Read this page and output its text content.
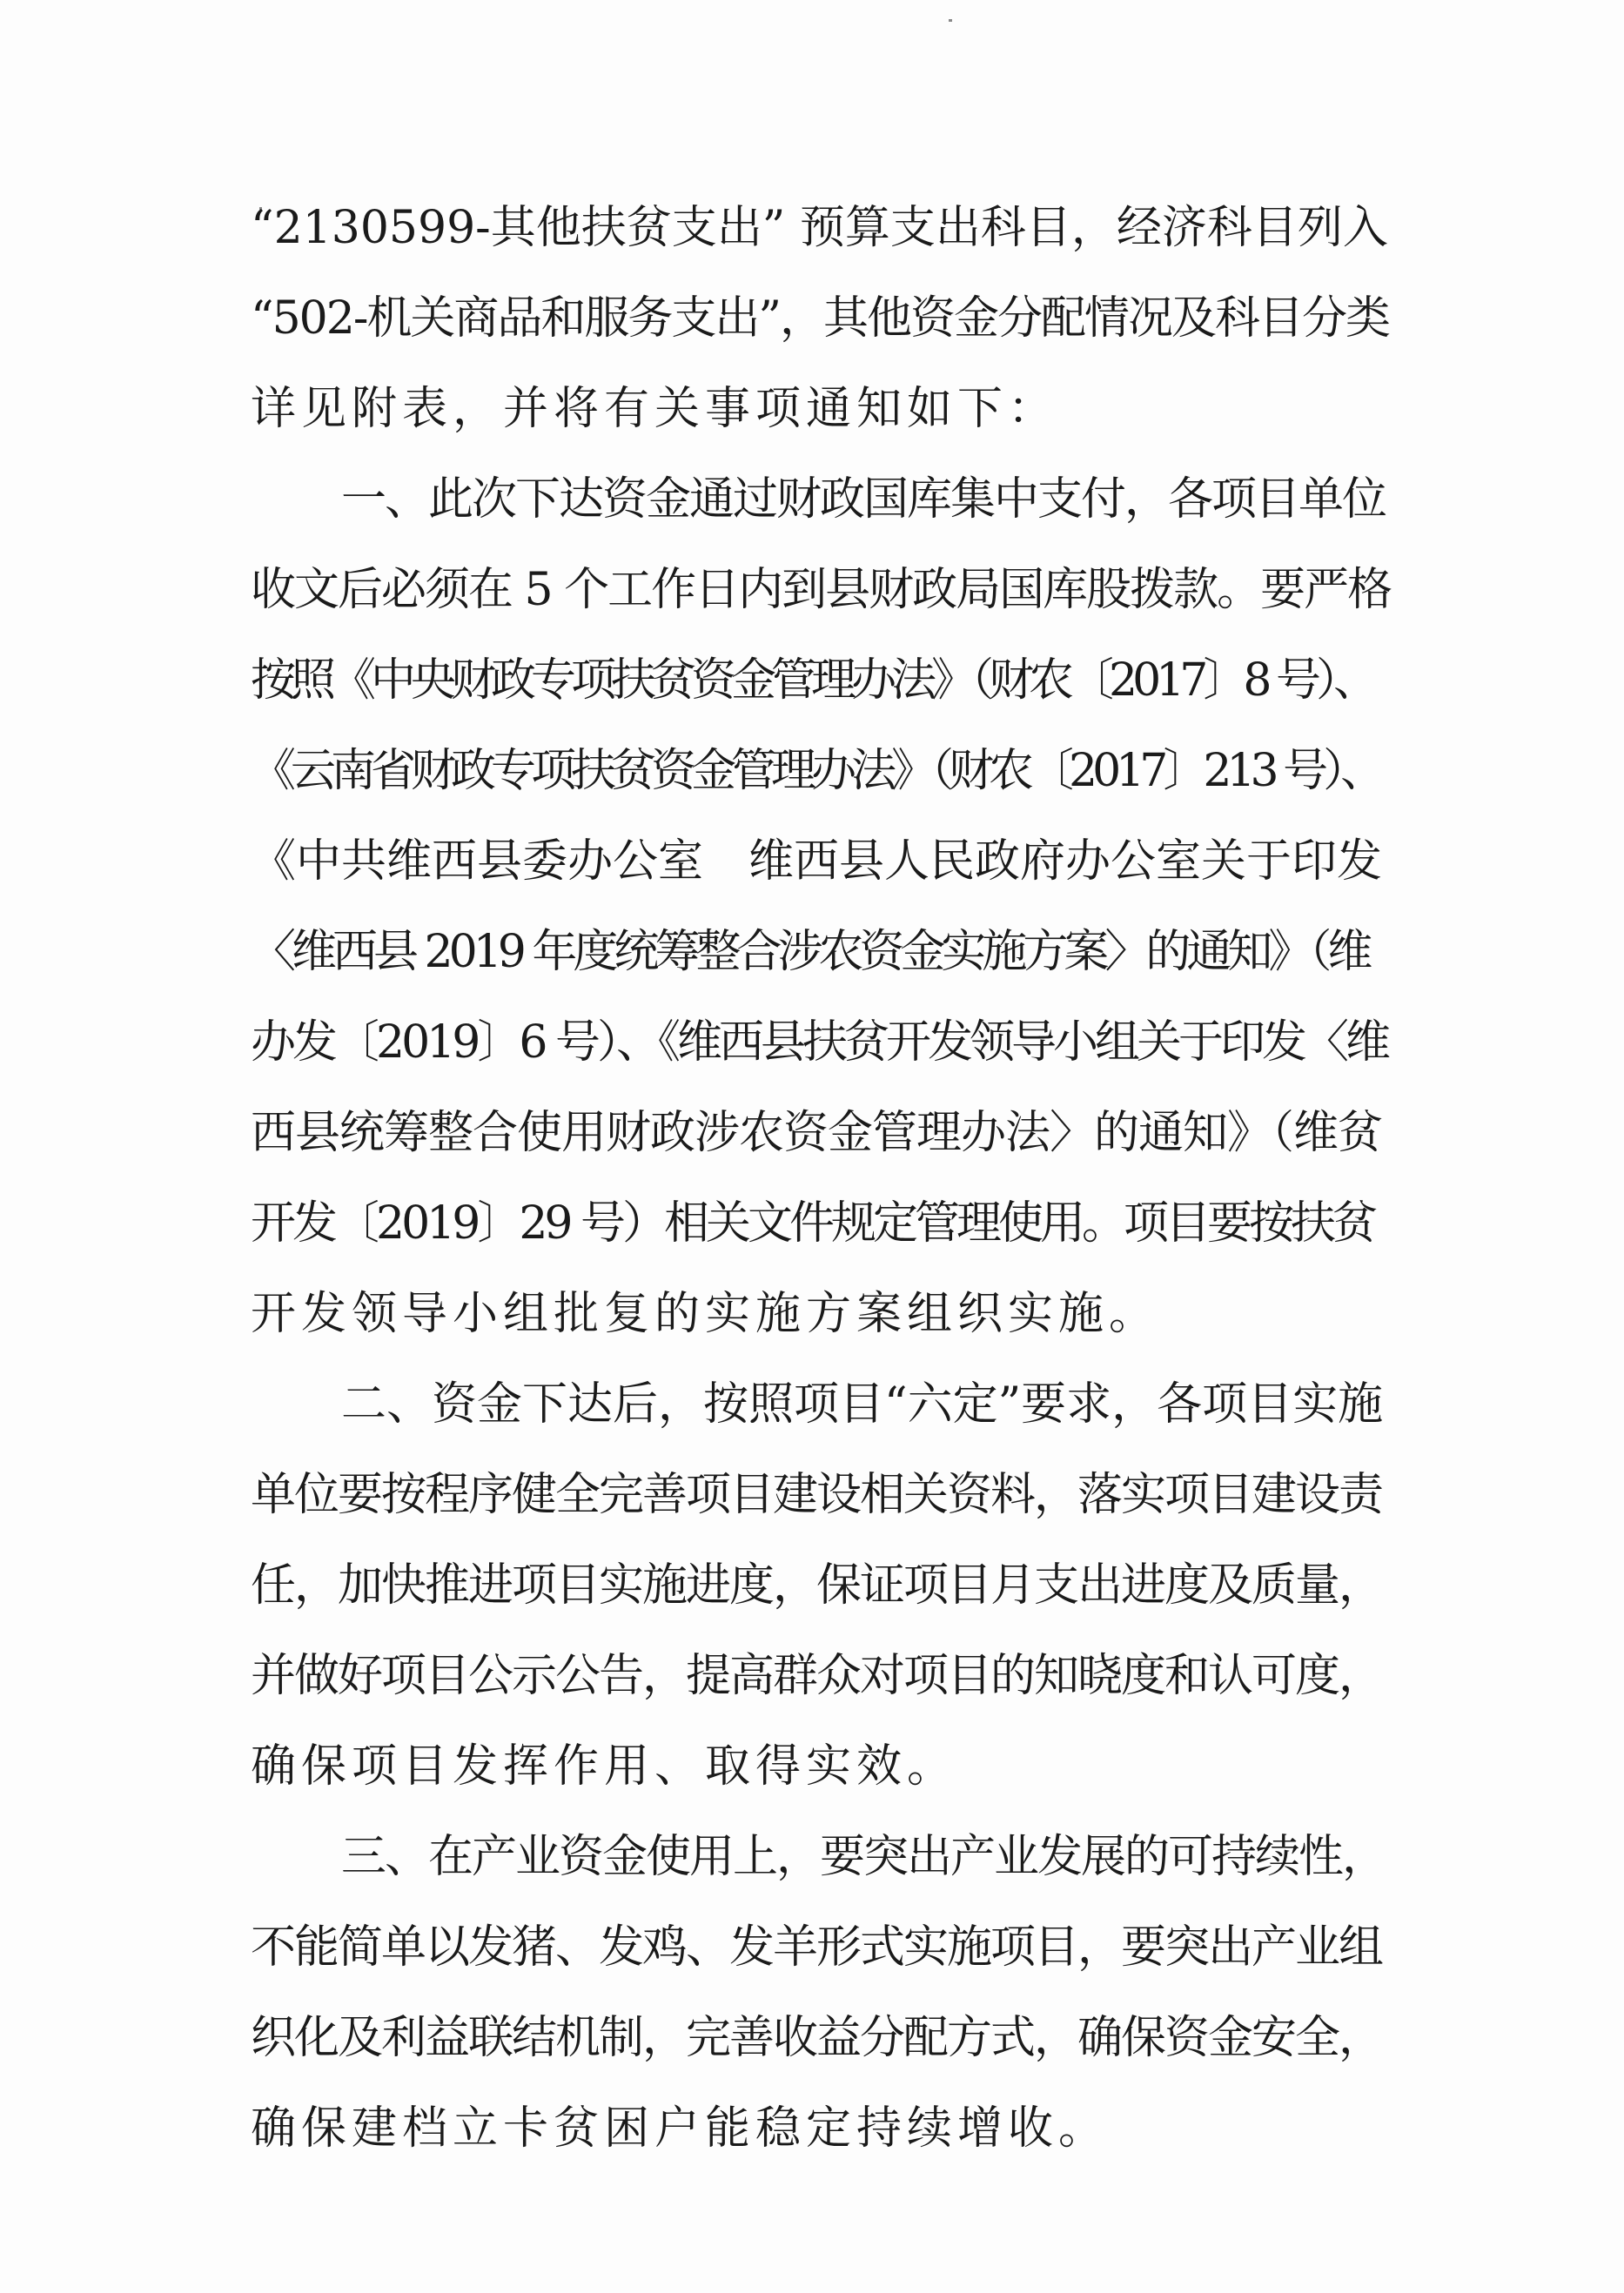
“2130599-其他扶贫支出” 预算支出科目，经济科目列入
“502-机关商品和服务支出”，其他资金分配情况及科目分类
详见附表，并将有关事项通知如下：
一、此次下达资金通过财政国库集中支付，各项目单位
收文后必须在 5 个工作日内到县财政局国库股拨款。要严格
按照《中央财政专项扶贫资金管理办法》（财农〔2017〕8 号）、
《云南省财政专项扶贫资金管理办法》（财农〔2017〕213 号）、
《中共维西县委办公室　维西县人民政府办公室关于印发
〈维西县 2019 年度统筹整合涉农资金实施方案〉的通知》（维
办发〔2019〕6 号）、《维西县扶贫开发领导小组关于印发〈维
西县统筹整合使用财政涉农资金管理办法〉的通知》（维贫
开发〔2019〕29 号）相关文件规定管理使用。项目要按扶贫
开发领导小组批复的实施方案组织实施。
二、资金下达后，按照项目“六定”要求，各项目实施
单位要按程序健全完善项目建设相关资料，落实项目建设责
任，加快推进项目实施进度，保证项目月支出进度及质量，
并做好项目公示公告，提高群众对项目的知晓度和认可度，
确保项目发挥作用、取得实效。
三、在产业资金使用上，要突出产业发展的可持续性，
不能简单以发猪、发鸡、发羊形式实施项目，要突出产业组
织化及利益联结机制，完善收益分配方式，确保资金安全，
确保建档立卡贫困户能稳定持续增收。
